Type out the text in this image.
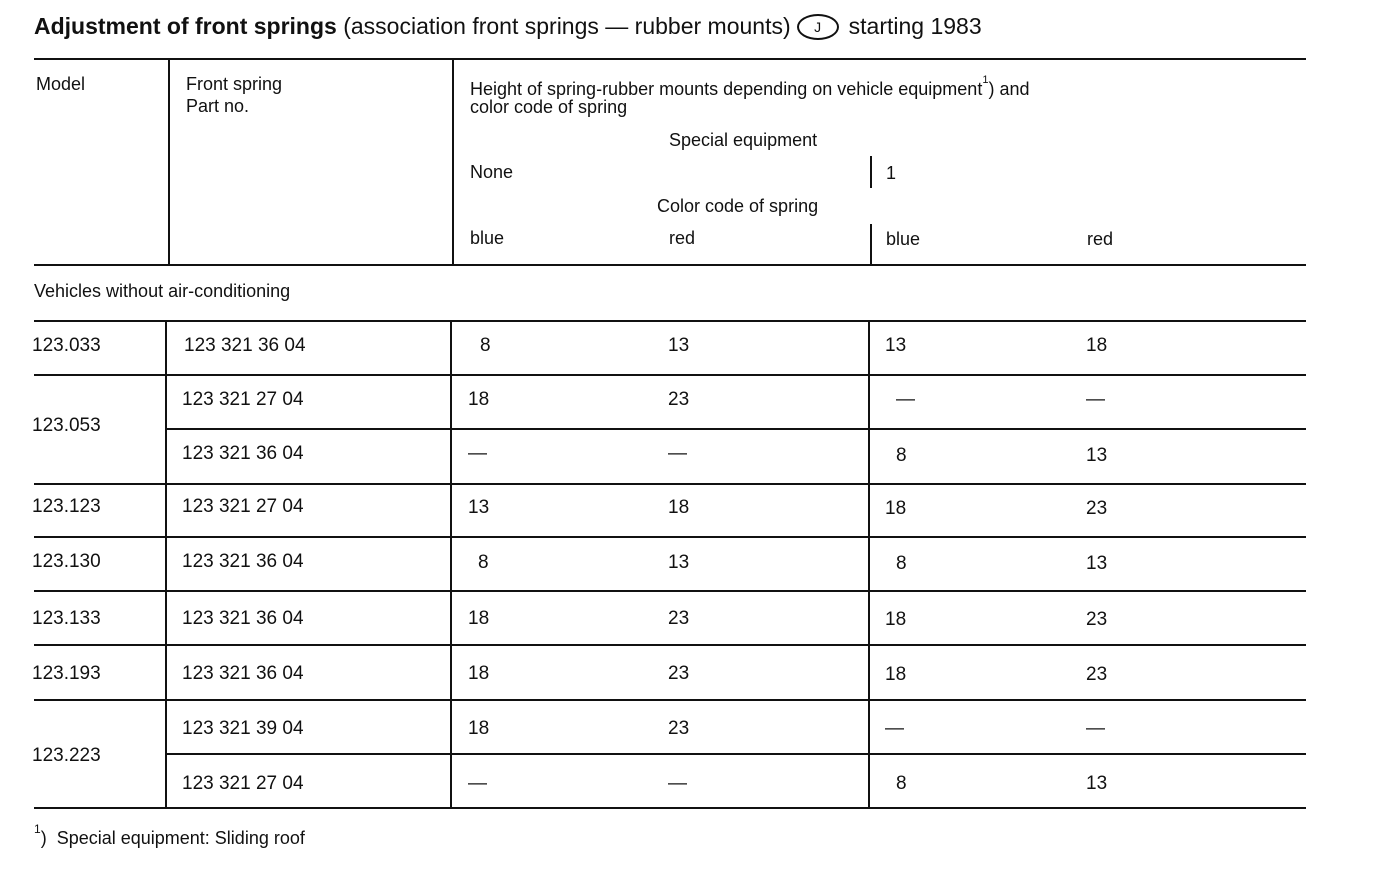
Adjustment of front springs (association front springs — rubber mounts) J starting 1983
Model	Front spring
Part no.
Height of spring-rubber mounts depending on vehicle equipment$^1$) and
color code of spring
Special equipment
None	1
Color code of spring
blue	red	blue	red
Vehicles without air-conditioning
123.033	123 321 36 04	8	13	13	18
123.053
123 321 27 04	18	23	—	—
123 321 36 04	—	—	8	13
123.123	123 321 27 04	13	18	18	23
123.130	123 321 36 04	8	13	8	13
123.133	123 321 36 04	18	23	18	23
123.193	123 321 36 04	18	23	18	23
123.223
123 321 39 04	18	23	—	—
123 321 27 04	—	—	8	13
$^1$) Special equipment: Sliding roof
